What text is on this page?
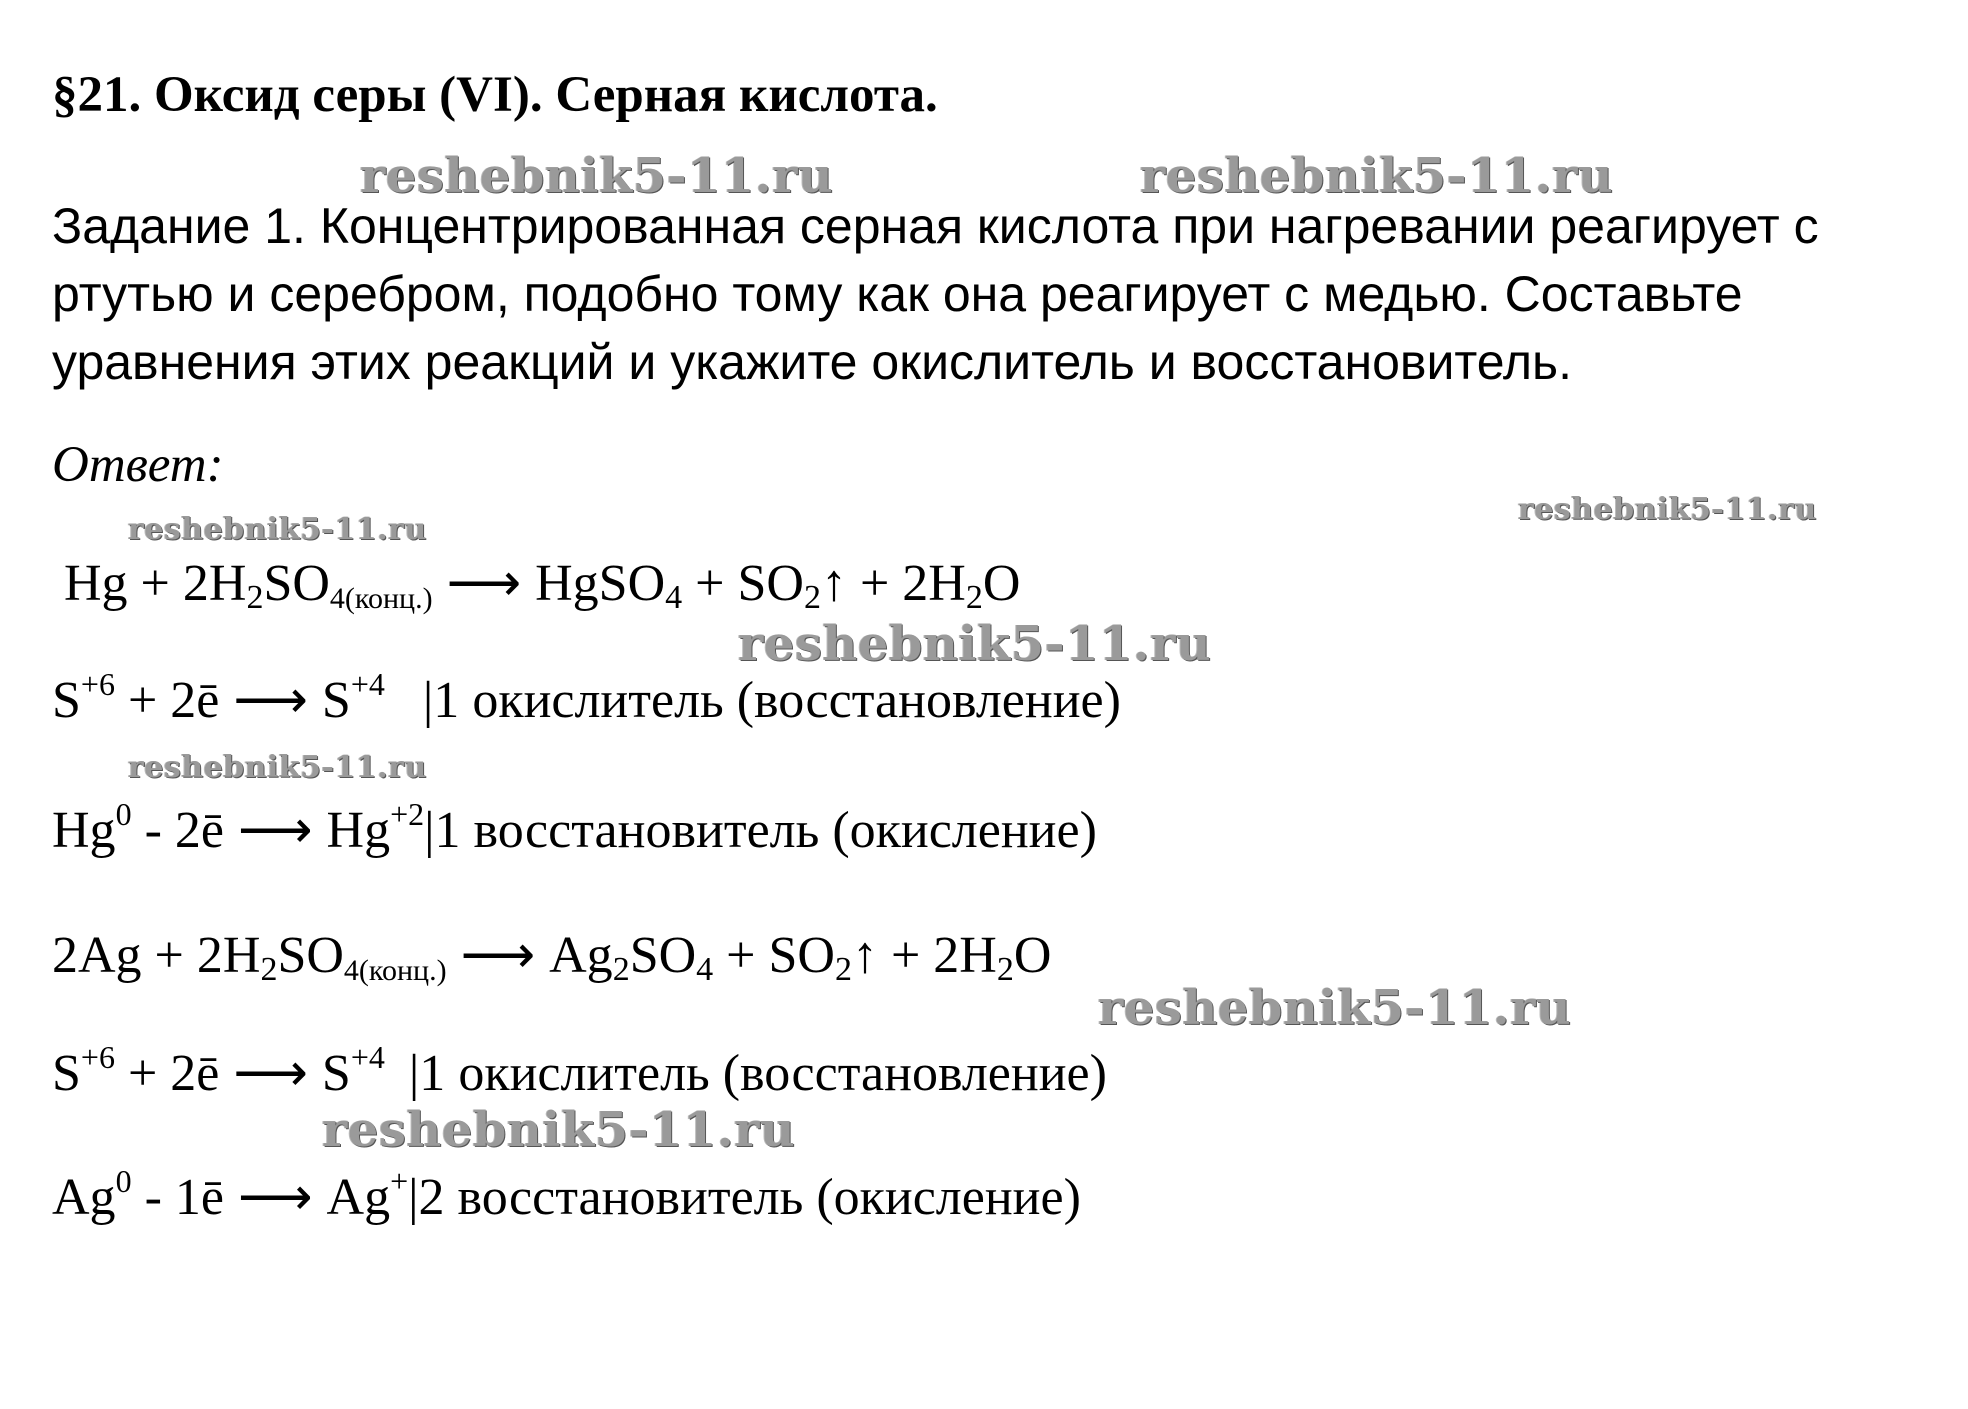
§21. Оксид серы (VI). Серная кислота.

Задание 1. Концентрированная серная кислота при нагревании реагирует с

ртутью и серебром, подобно тому как она реагирует с медью. Составьте

уравнения этих реакций и укажите окислитель и восстановитель.

Ответ:
$Hg + 2H_2SO_{4(конц.)}$ ⟶ HgSO$_4$ + $SO_2↑ + 2H_2O$
$S^{+6}$ + 2ē ⟶ $S^{+4}$ |1 окислитель (восстановление)
Hg$^0$ - 2ē ⟶ $Hg^{+2}|1$ восстановитель (окисление)
$2Ag + 2H_2SO_{4(конц.)}$ ⟶ $Ag_2SO_4$ + $SO_2↑ + 2H_2O$
$S^{+6}$ + 2ē ⟶ $S^{+4}$ |1 окислитель (восстановление)
Ag$^0$ - 1ē ⟶ Ag+|2 восстановитель (окисление)
reshebnik5-11.ru	reshebnik5-11.ru
reshebnik5-11.ru
reshebnik5-11.ru
reshebnik5-11.ru
reshebnik5-11.ru
reshebnik5-11.ru
reshebnik5-11.ru
